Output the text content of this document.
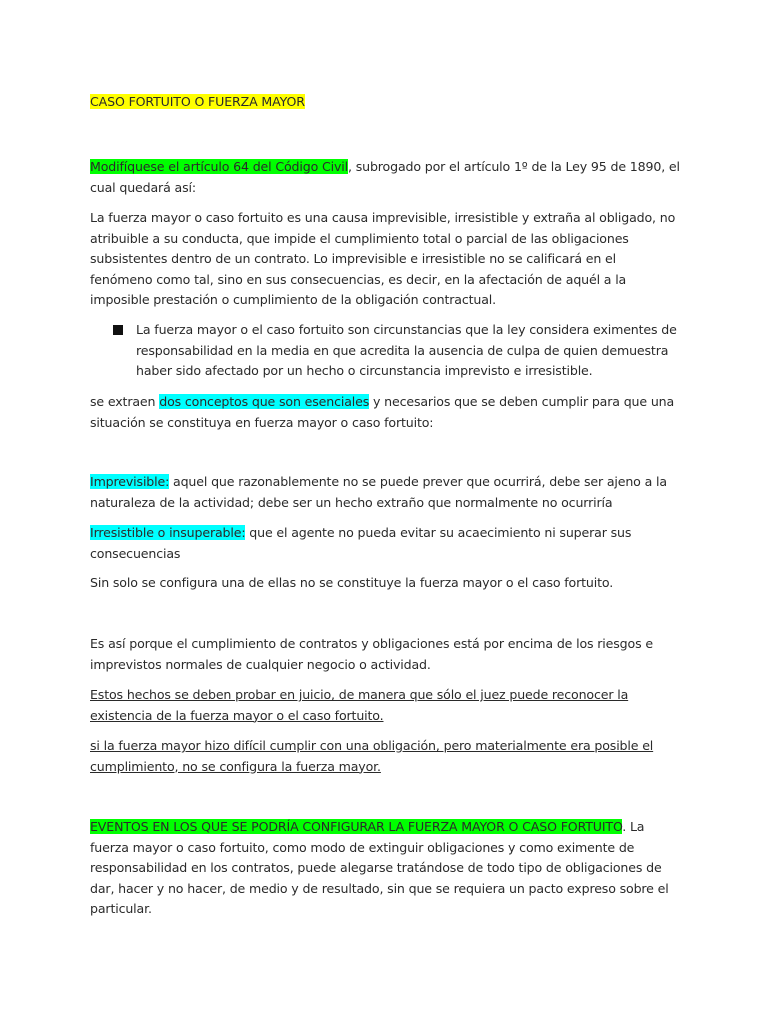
CASO FORTUITO O FUERZA MAYOR

Modifíquese el artículo 64 del Código Civil, subrogado por el artículo 1º de la Ley 95 de 1890, el cual quedará así:

La fuerza mayor o caso fortuito es una causa imprevisible, irresistible y extraña al obligado, no atribuible a su conducta, que impide el cumplimiento total o parcial de las obligaciones subsistentes dentro de un contrato. Lo imprevisible e irresistible no se calificará en el fenómeno como tal, sino en sus consecuencias, es decir, en la afectación de aquél a la imposible prestación o cumplimiento de la obligación contractual.

La fuerza mayor o el caso fortuito son circunstancias que la ley considera eximentes de responsabilidad en la media en que acredita la ausencia de culpa de quien demuestra haber sido afectado por un hecho o circunstancia imprevisto e irresistible.

se extraen dos conceptos que son esenciales y necesarios que se deben cumplir para que una situación se constituya en fuerza mayor o caso fortuito:

Imprevisible: aquel que razonablemente no se puede prever que ocurrirá, debe ser ajeno a la naturaleza de la actividad; debe ser un hecho extraño que normalmente no ocurriría

Irresistible o insuperable: que el agente no pueda evitar su acaecimiento ni superar sus consecuencias

Sin solo se configura una de ellas no se constituye la fuerza mayor o el caso fortuito.

Es así porque el cumplimiento de contratos y obligaciones está por encima de los riesgos e imprevistos normales de cualquier negocio o actividad.

Estos hechos se deben probar en juicio, de manera que sólo el juez puede reconocer la existencia de la fuerza mayor o el caso fortuito.

si la fuerza mayor hizo difícil cumplir con una obligación, pero materialmente era posible el cumplimiento, no se configura la fuerza mayor.

EVENTOS EN LOS QUE SE PODRÍA CONFIGURAR LA FUERZA MAYOR O CASO FORTUITO. La fuerza mayor o caso fortuito, como modo de extinguir obligaciones y como eximente de responsabilidad en los contratos, puede alegarse tratándose de todo tipo de obligaciones de dar, hacer y no hacer, de medio y de resultado, sin que se requiera un pacto expreso sobre el particular.
